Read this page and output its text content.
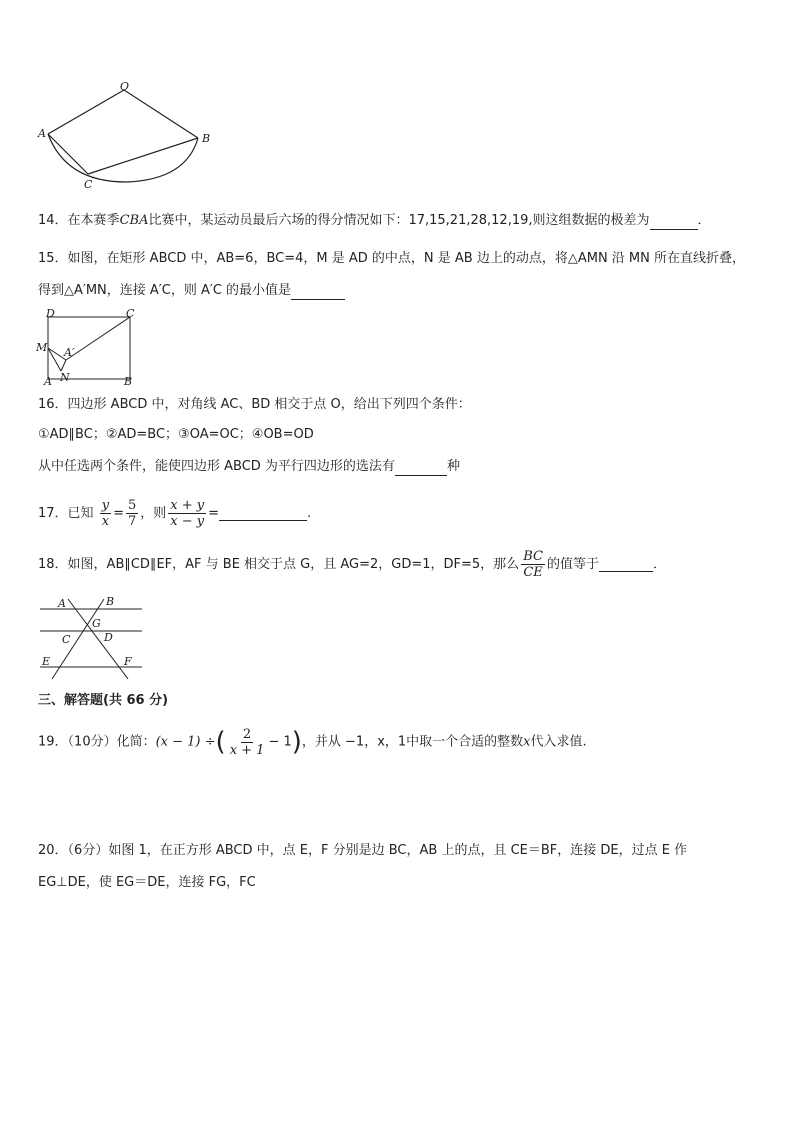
O
A	B
C
14．在本赛季CBA比赛中，某运动员最后六场的得分情况如下：17,15,21,28,12,19,则这组数据的极差为	．
15．如图，在矩形 ABCD 中，AB=6，BC=4，M 是 AD 的中点，N 是 AB 边上的动点，将△AMN 沿 MN 所在直线折叠，
得到△A′MN，连接 A′C，则 A′C 的最小值是
D	C
M A′
A N	B
16．四边形 ABCD 中，对角线 AC、BD 相交于点 O，给出下列四个条件：
①AD∥BC；②AD=BC；③OA=OC；④OB=OD
从中任选两个条件，能使四边形 ABCD 为平行四边形的选法有	种
17．已知 $\frac{y}{x} = \frac{5}{7}$ ，则 $\frac{x + y}{x - y}$ =	.
18．如图，AB∥CD∥EF，AF 与 BE 相交于点 G，且 AG=2，GD=1，DF=5，那么 $\frac{BC}{CE}$ 的值等于	．
A	B
G
C	D
E	F
三、解答题(共 66 分)
19．（10分）化简：(x − 1) ÷( $\frac{2}{x + 1} - 1$)，并从 −1，x，1中取一个合适的整数x代入求值.
20．（6分）如图 1，在正方形 ABCD 中，点 E，F 分别是边 BC，AB 上的点，且 CE＝BF，连接 DE，过点 E 作
EG⊥DE，使 EG＝DE，连接 FG，FC
